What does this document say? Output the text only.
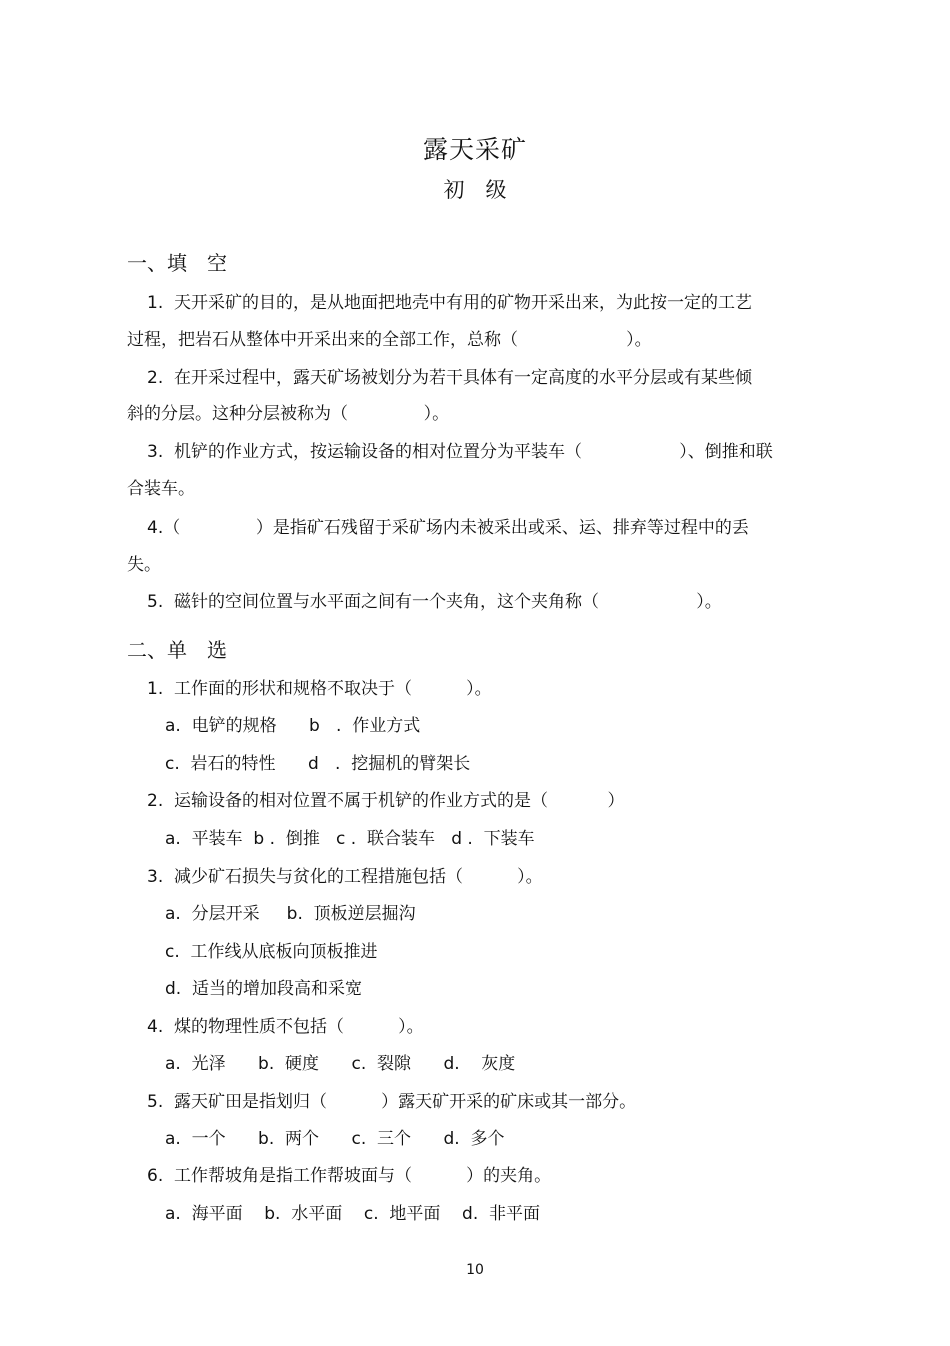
露天采矿
初　级
一、填　空
1.  天开采矿的目的，是从地面把地壳中有用的矿物开采出来，为此按一定的工艺
过程，把岩石从整体中开采出来的全部工作，总称（                    ）。
2.  在开采过程中，露天矿场被划分为若干具体有一定高度的水平分层或有某些倾
斜的分层。这种分层被称为（              ）。
3.  机铲的作业方式，按运输设备的相对位置分为平装车（                  ）、倒推和联
合装车。
4.（              ）是指矿石残留于采矿场内未被采出或采、运、排弃等过程中的丢
失。
5.  磁针的空间位置与水平面之间有一个夹角，这个夹角称（                  ）。
二、单　选
1.  工作面的形状和规格不取决于（          ）。
a.  电铲的规格      b   .  作业方式
c.  岩石的特性      d   .  挖掘机的臂架长
2.  运输设备的相对位置不属于机铲的作业方式的是（           ）
a.  平装车  b .  倒推   c .  联合装车   d .  下装车
3.  减少矿石损失与贫化的工程措施包括（          ）。
a.  分层开采     b.  顶板逆层掘沟
c.  工作线从底板向顶板推进
d.  适当的增加段高和采宽
4.  煤的物理性质不包括（          ）。
a.  光泽      b.  硬度      c.  裂隙      d.    灰度
5.  露天矿田是指划归（          ）露天矿开采的矿床或其一部分。
a.  一个      b.  两个      c.  三个      d.  多个
6.  工作帮坡角是指工作帮坡面与（          ）的夹角。
a.  海平面    b.  水平面    c.  地平面    d.  非平面
10
